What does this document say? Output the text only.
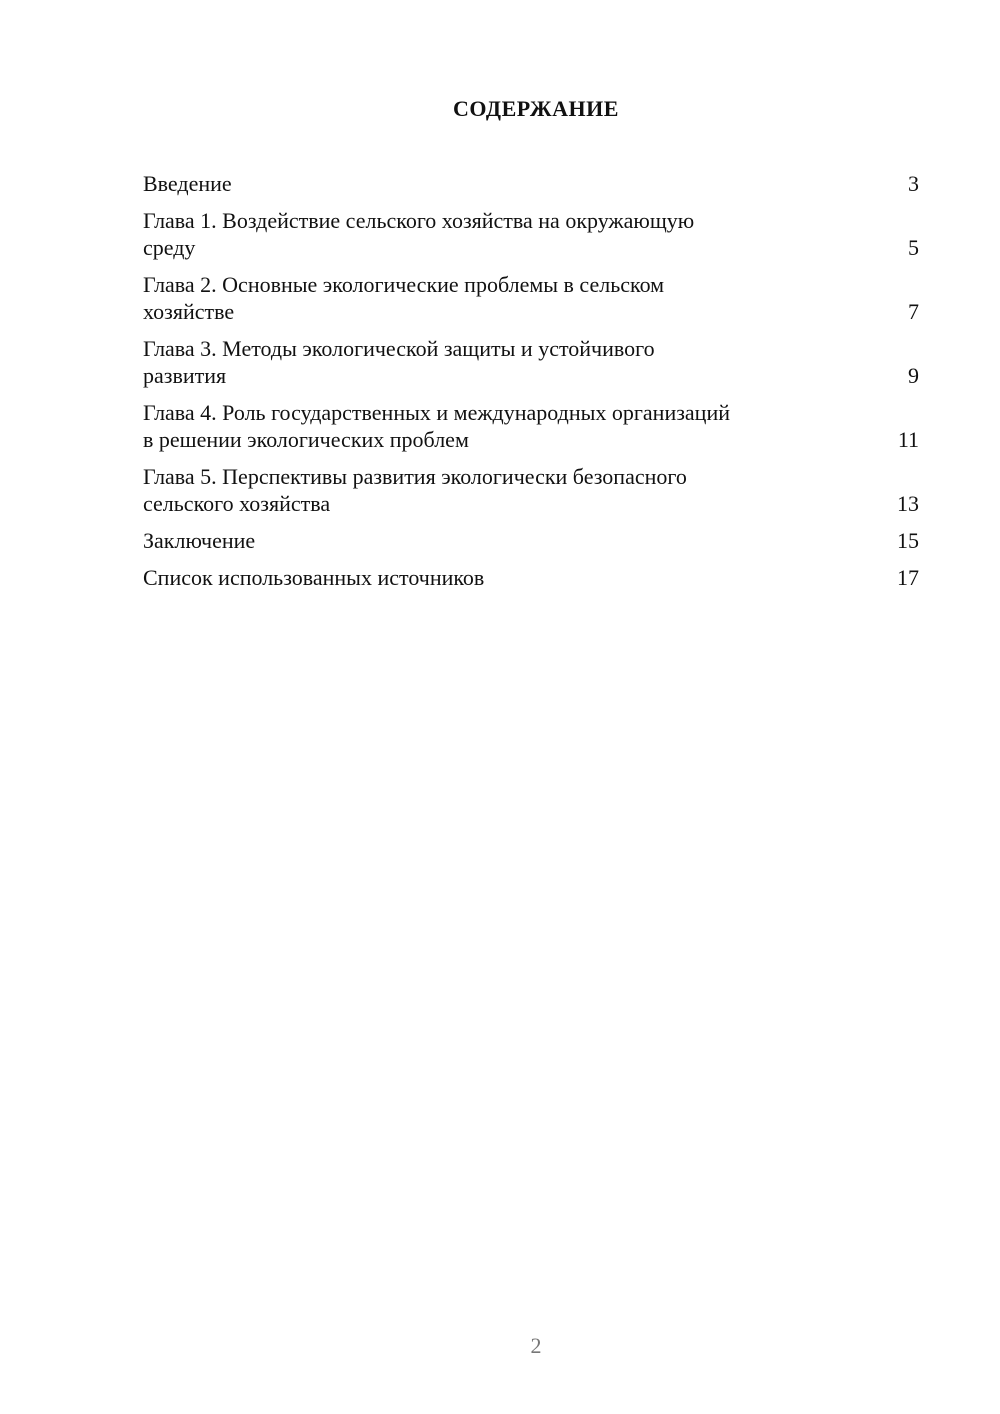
СОДЕРЖАНИЕ
Введение	3
Глава 1. Воздействие сельского хозяйства на окружающую
среду	5
Глава 2. Основные экологические проблемы в сельском
хозяйстве	7
Глава 3. Методы экологической защиты и устойчивого
развития	9
Глава 4. Роль государственных и международных организаций
в решении экологических проблем	11
Глава 5. Перспективы развития экологически безопасного
сельского хозяйства	13
Заключение	15
Список использованных источников	17
2
